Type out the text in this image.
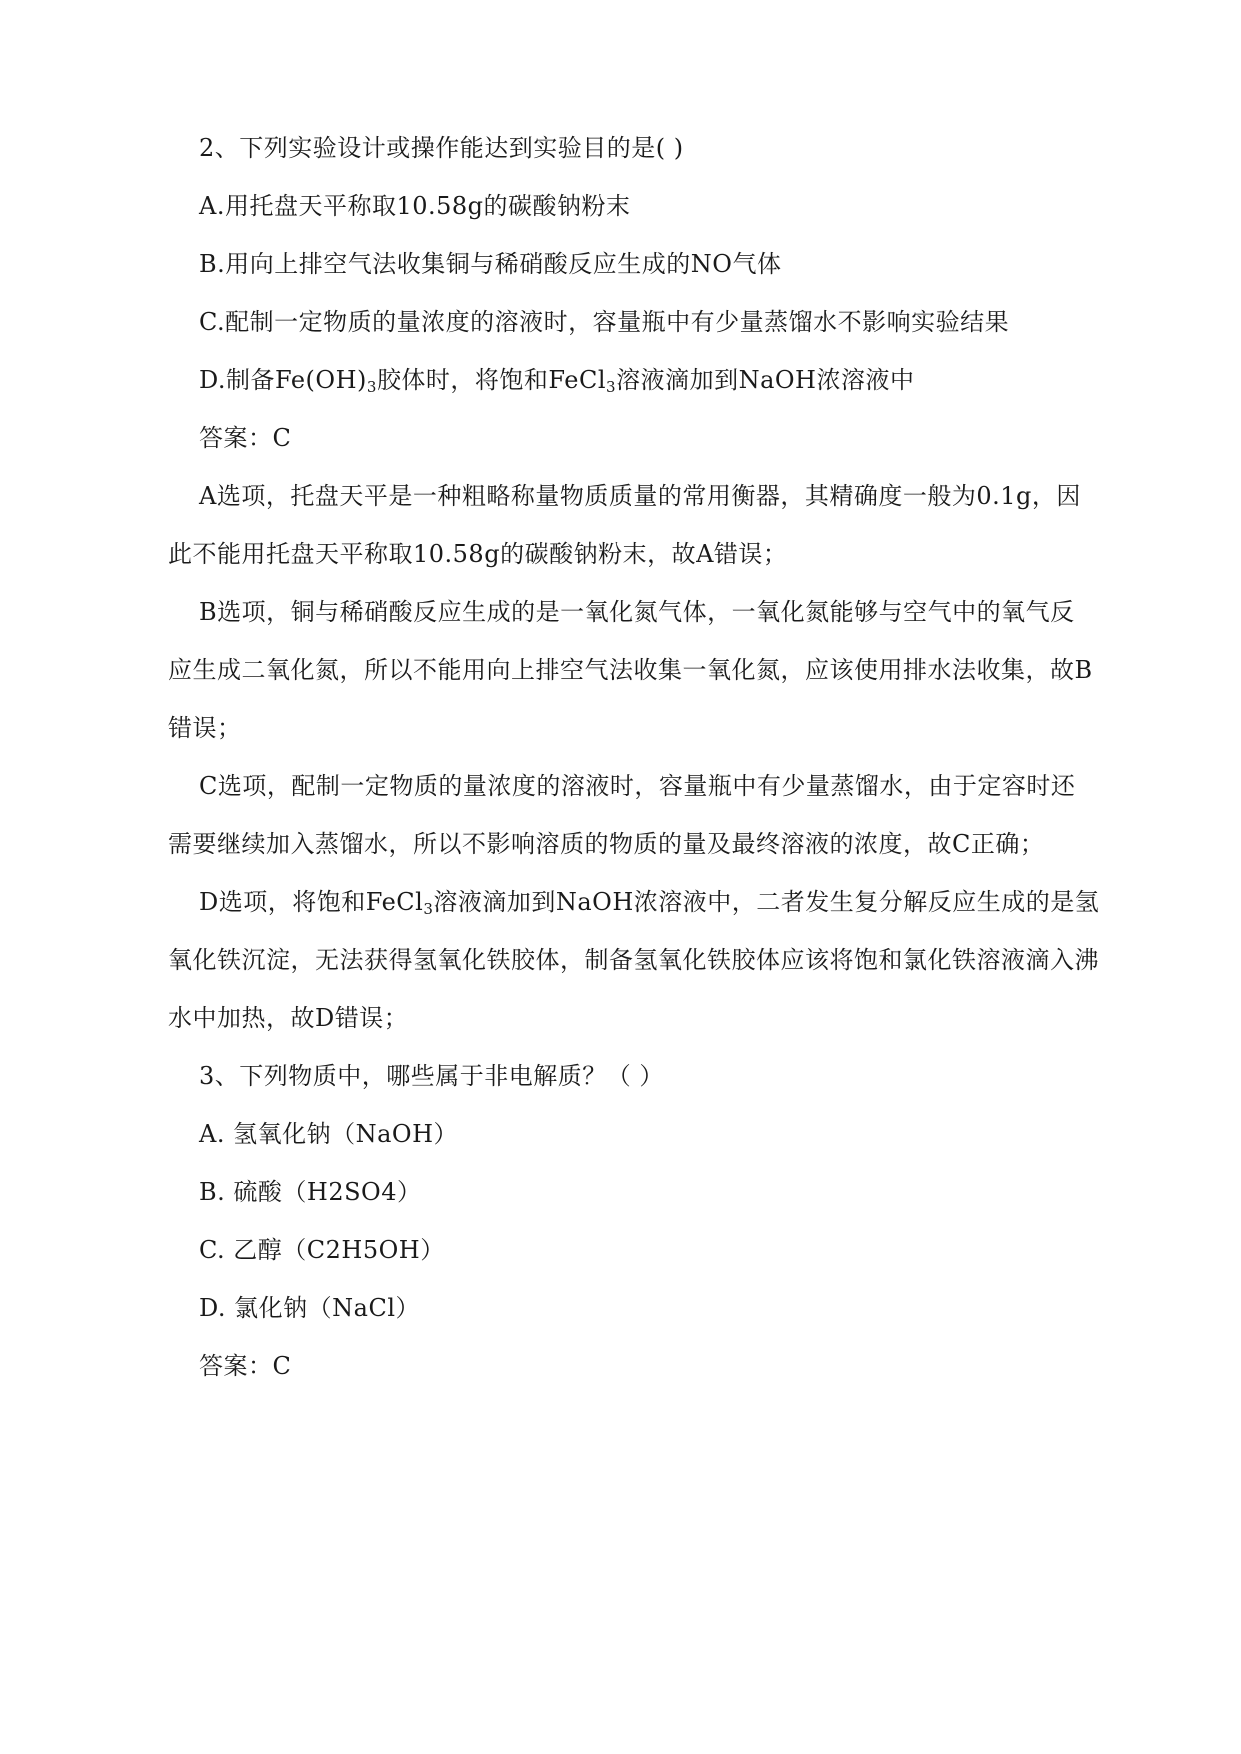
2、下列实验设计或操作能达到实验目的是( )
A.用托盘天平称取10.58g的碳酸钠粉末
B.用向上排空气法收集铜与稀硝酸反应生成的NO气体
C.配制一定物质的量浓度的溶液时，容量瓶中有少量蒸馏水不影响实验结果
D.制备$Fe(OH)_3$胶体时，将饱和FeCl$_3$溶液滴加到NaOH浓溶液中
答案：C
A选项，托盘天平是一种粗略称量物质质量的常用衡器，其精确度一般为0.1g，因
此不能用托盘天平称取10.58g的碳酸钠粉末，故A错误；
B选项，铜与稀硝酸反应生成的是一氧化氮气体，一氧化氮能够与空气中的氧气反
应生成二氧化氮，所以不能用向上排空气法收集一氧化氮，应该使用排水法收集，故B
错误；
C选项，配制一定物质的量浓度的溶液时，容量瓶中有少量蒸馏水，由于定容时还
需要继续加入蒸馏水，所以不影响溶质的物质的量及最终溶液的浓度，故C正确；
D选项，将饱和FeCl$_3$溶液滴加到NaOH浓溶液中，二者发生复分解反应生成的是氢
氧化铁沉淀，无法获得氢氧化铁胶体，制备氢氧化铁胶体应该将饱和氯化铁溶液滴入沸
水中加热，故D错误；
3、下列物质中，哪些属于非电解质？（ ）
A. 氢氧化钠（NaOH）
B. 硫酸（H2SO4）
C. 乙醇（C2H5OH）
D. 氯化钠（NaCl）
答案：C
